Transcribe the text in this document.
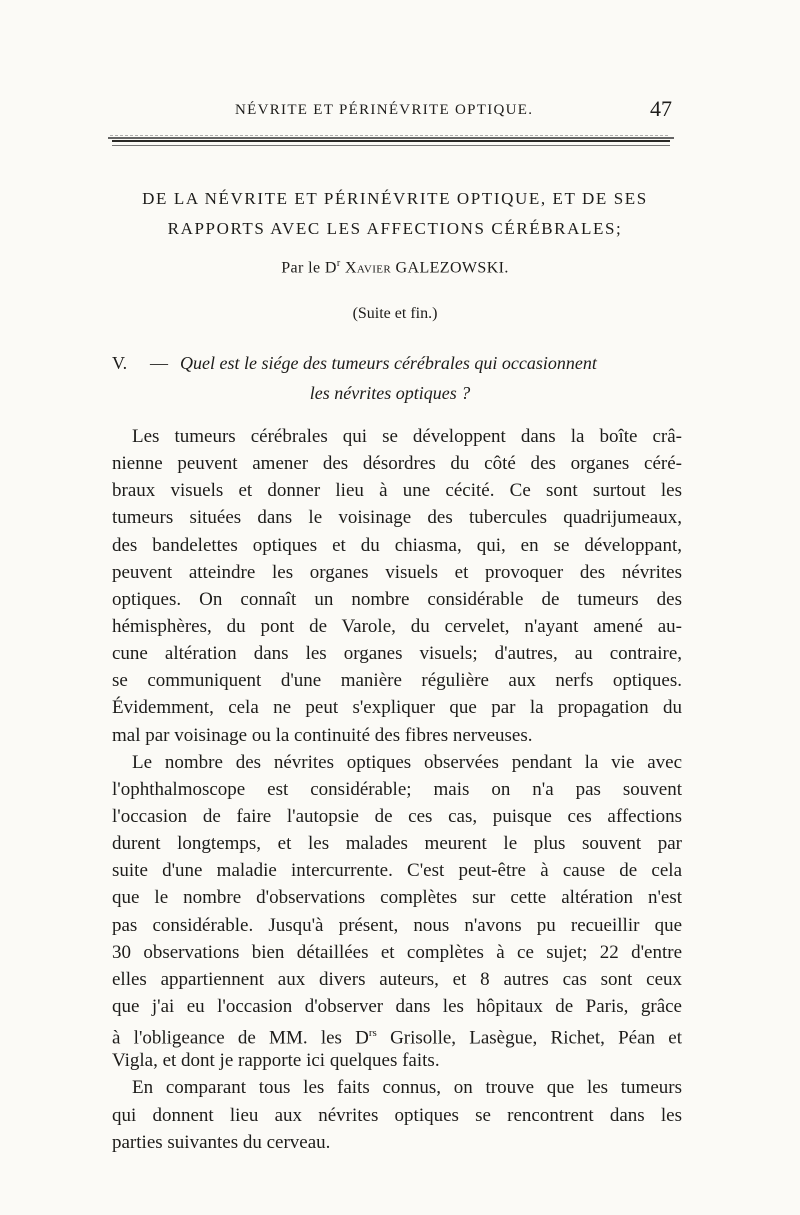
NÉVRITE ET PÉRINÉVRITE OPTIQUE.	47
DE LA NÉVRITE ET PÉRINÉVRITE OPTIQUE, ET DE SES
RAPPORTS AVEC LES AFFECTIONS CÉRÉBRALES;
Par le $D^r$ Xavier GALEZOWSKI.
(Suite et fin.)
V. — Quel est le siége des tumeurs cérébrales qui occasionnent
les névrites optiques ?
Les tumeurs cérébrales qui se développent dans la boîte crâ-
nienne peuvent amener des désordres du côté des organes céré-
braux visuels et donner lieu à une cécité. Ce sont surtout les
tumeurs situées dans le voisinage des tubercules quadrijumeaux,
des bandelettes optiques et du chiasma, qui, en se développant,
peuvent atteindre les organes visuels et provoquer des névrites
optiques. On connaît un nombre considérable de tumeurs des
hémisphères, du pont de Varole, du cervelet, n'ayant amené au-
cune altération dans les organes visuels; d'autres, au contraire,
se communiquent d'une manière régulière aux nerfs optiques.
Évidemment, cela ne peut s'expliquer que par la propagation du
mal par voisinage ou la continuité des fibres nerveuses.
Le nombre des névrites optiques observées pendant la vie avec
l'ophthalmoscope est considérable; mais on n'a pas souvent
l'occasion de faire l'autopsie de ces cas, puisque ces affections
durent longtemps, et les malades meurent le plus souvent par
suite d'une maladie intercurrente. C'est peut-être à cause de cela
que le nombre d'observations complètes sur cette altération n'est
pas considérable. Jusqu'à présent, nous n'avons pu recueillir que
30 observations bien détaillées et complètes à ce sujet; 22 d'entre
elles appartiennent aux divers auteurs, et 8 autres cas sont ceux
que j'ai eu l'occasion d'observer dans les hôpitaux de Paris, grâce
à l'obligeance de MM. les $D^{rs}$ Grisolle, Lasègue, Richet, Péan et
Vigla, et dont je rapporte ici quelques faits.
En comparant tous les faits connus, on trouve que les tumeurs
qui donnent lieu aux névrites optiques se rencontrent dans les
parties suivantes du cerveau.
